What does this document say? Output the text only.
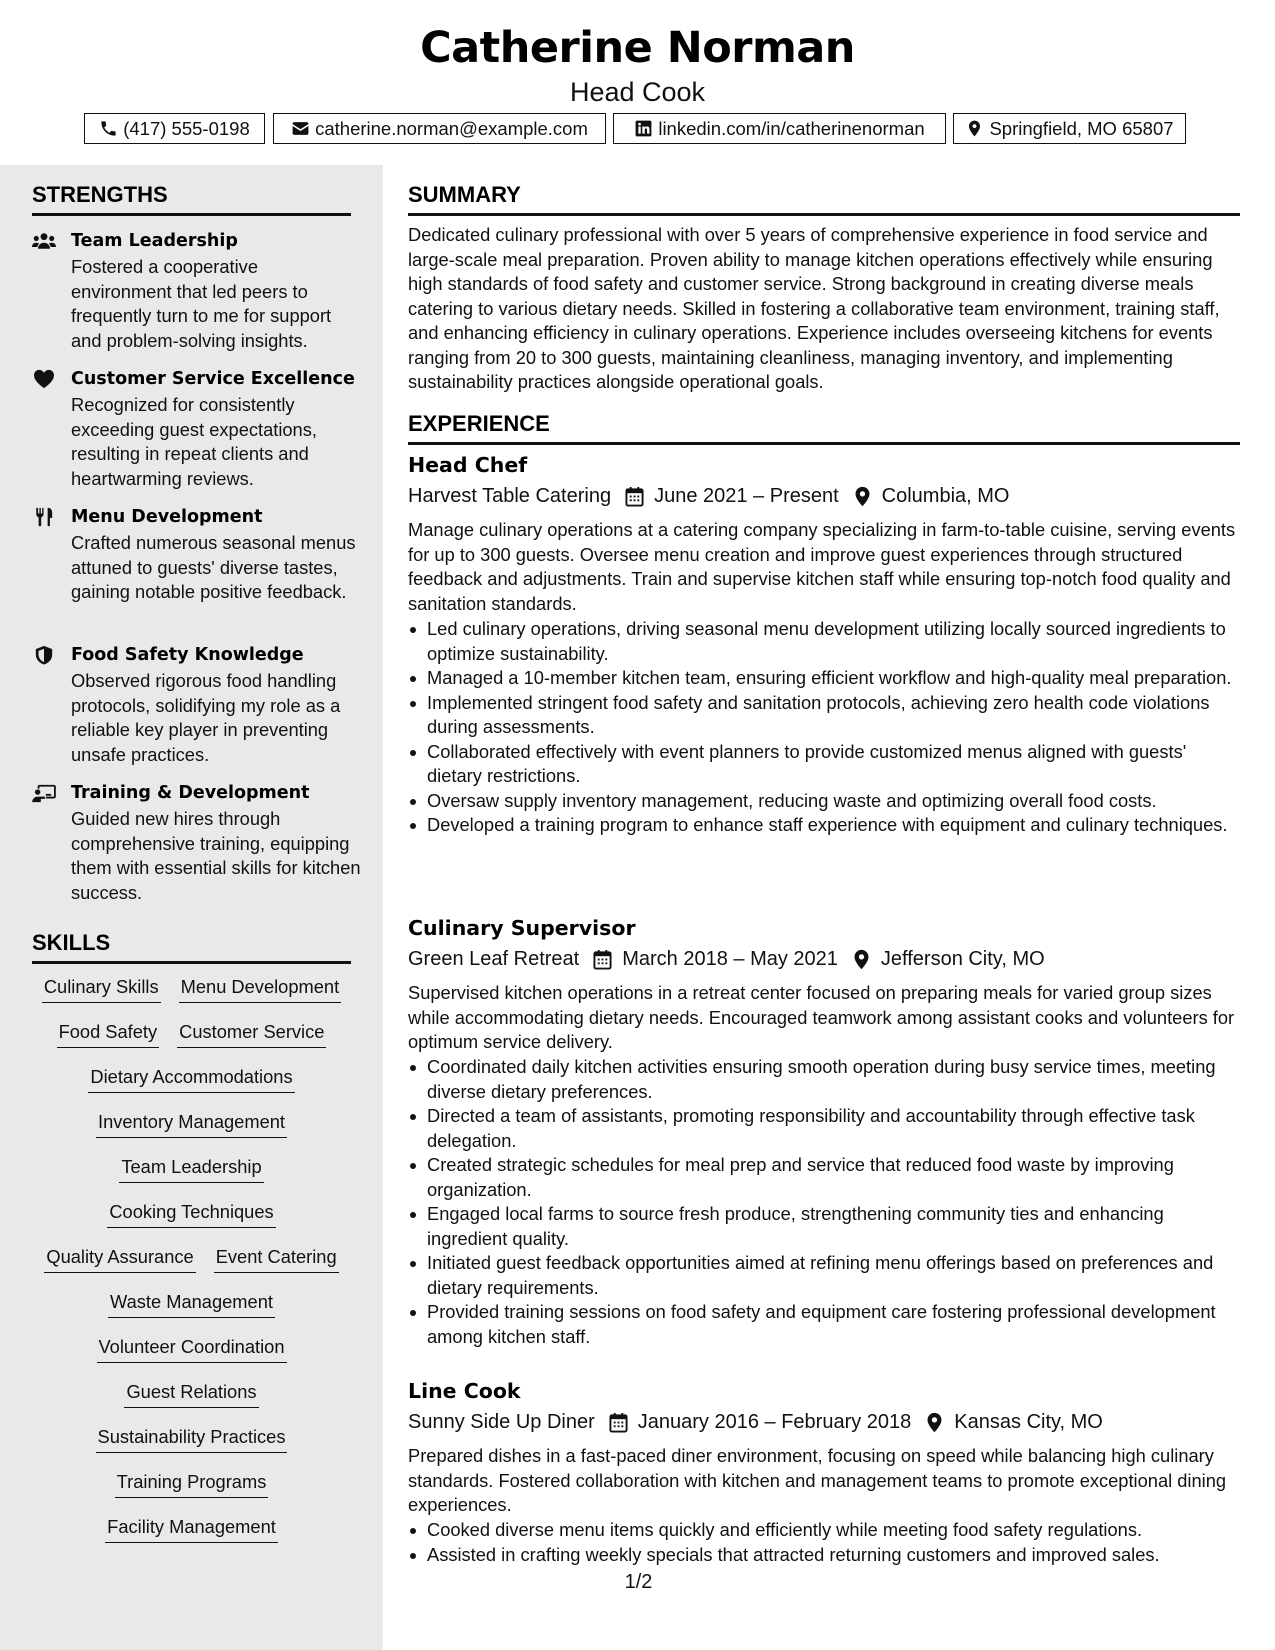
Catherine Norman
Head Cook
(417) 555-0198	catherine.norman@example.com	linkedin.com/in/catherinenorman	Springfield, MO 65807
STRENGTHS
Team Leadership
Fostered a cooperative environment that led peers to frequently turn to me for support and problem-solving insights.
Customer Service Excellence
Recognized for consistently exceeding guest expectations, resulting in repeat clients and heartwarming reviews.
Menu Development
Crafted numerous seasonal menus attuned to guests' diverse tastes, gaining notable positive feedback.
Food Safety Knowledge
Observed rigorous food handling protocols, solidifying my role as a reliable key player in preventing unsafe practices.
Training & Development
Guided new hires through comprehensive training, equipping them with essential skills for kitchen success.
SKILLS
Culinary Skills Menu Development
Food Safety Customer Service
Dietary Accommodations
Inventory Management
Team Leadership
Cooking Techniques
Quality Assurance Event Catering
Waste Management
Volunteer Coordination
Guest Relations
Sustainability Practices
Training Programs
Facility Management
SUMMARY
Dedicated culinary professional with over 5 years of comprehensive experience in food service and large-scale meal preparation. Proven ability to manage kitchen operations effectively while ensuring high standards of food safety and customer service. Strong background in creating diverse meals catering to various dietary needs. Skilled in fostering a collaborative team environment, training staff, and enhancing efficiency in culinary operations. Experience includes overseeing kitchens for events ranging from 20 to 300 guests, maintaining cleanliness, managing inventory, and implementing sustainability practices alongside operational goals.
EXPERIENCE
Head Chef
Harvest Table Catering June 2021 – Present Columbia, MO
Manage culinary operations at a catering company specializing in farm-to-table cuisine, serving events for up to 300 guests. Oversee menu creation and improve guest experiences through structured feedback and adjustments. Train and supervise kitchen staff while ensuring top-notch food quality and sanitation standards.
Led culinary operations, driving seasonal menu development utilizing locally sourced ingredients to optimize sustainability.
Managed a 10-member kitchen team, ensuring efficient workflow and high-quality meal preparation.
Implemented stringent food safety and sanitation protocols, achieving zero health code violations during assessments.
Collaborated effectively with event planners to provide customized menus aligned with guests' dietary restrictions.
Oversaw supply inventory management, reducing waste and optimizing overall food costs.
Developed a training program to enhance staff experience with equipment and culinary techniques.
Culinary Supervisor
Green Leaf Retreat March 2018 – May 2021 Jefferson City, MO
Supervised kitchen operations in a retreat center focused on preparing meals for varied group sizes while accommodating dietary needs. Encouraged teamwork among assistant cooks and volunteers for optimum service delivery.
Coordinated daily kitchen activities ensuring smooth operation during busy service times, meeting diverse dietary preferences.
Directed a team of assistants, promoting responsibility and accountability through effective task delegation.
Created strategic schedules for meal prep and service that reduced food waste by improving organization.
Engaged local farms to source fresh produce, strengthening community ties and enhancing ingredient quality.
Initiated guest feedback opportunities aimed at refining menu offerings based on preferences and dietary requirements.
Provided training sessions on food safety and equipment care fostering professional development among kitchen staff.
Line Cook
Sunny Side Up Diner January 2016 – February 2018 Kansas City, MO
Prepared dishes in a fast-paced diner environment, focusing on speed while balancing high culinary standards. Fostered collaboration with kitchen and management teams to promote exceptional dining experiences.
Cooked diverse menu items quickly and efficiently while meeting food safety regulations.
Assisted in crafting weekly specials that attracted returning customers and improved sales.
1/2
